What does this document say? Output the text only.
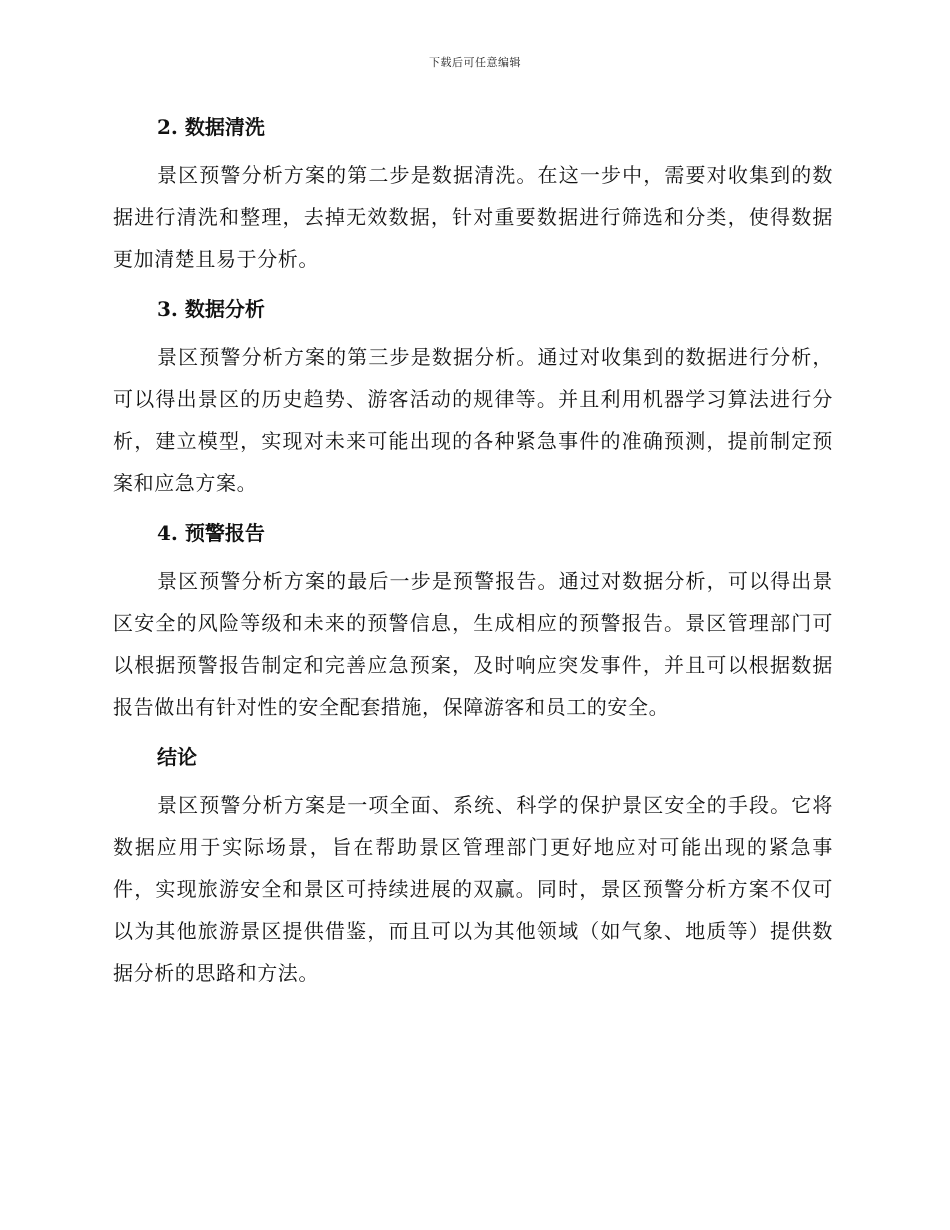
下载后可任意编辑
2. 数据清洗

景区预警分析方案的第二步是数据清洗。在这一步中，需要对收集到的数据进行清洗和整理，去掉无效数据，针对重要数据进行筛选和分类，使得数据更加清楚且易于分析。

3. 数据分析

景区预警分析方案的第三步是数据分析。通过对收集到的数据进行分析，可以得出景区的历史趋势、游客活动的规律等。并且利用机器学习算法进行分析，建立模型，实现对未来可能出现的各种紧急事件的准确预测，提前制定预案和应急方案。

4. 预警报告

景区预警分析方案的最后一步是预警报告。通过对数据分析，可以得出景区安全的风险等级和未来的预警信息，生成相应的预警报告。景区管理部门可以根据预警报告制定和完善应急预案，及时响应突发事件，并且可以根据数据报告做出有针对性的安全配套措施，保障游客和员工的安全。

结论

景区预警分析方案是一项全面、系统、科学的保护景区安全的手段。它将数据应用于实际场景，旨在帮助景区管理部门更好地应对可能出现的紧急事件，实现旅游安全和景区可持续进展的双赢。同时，景区预警分析方案不仅可以为其他旅游景区提供借鉴，而且可以为其他领域（如气象、地质等）提供数据分析的思路和方法。
